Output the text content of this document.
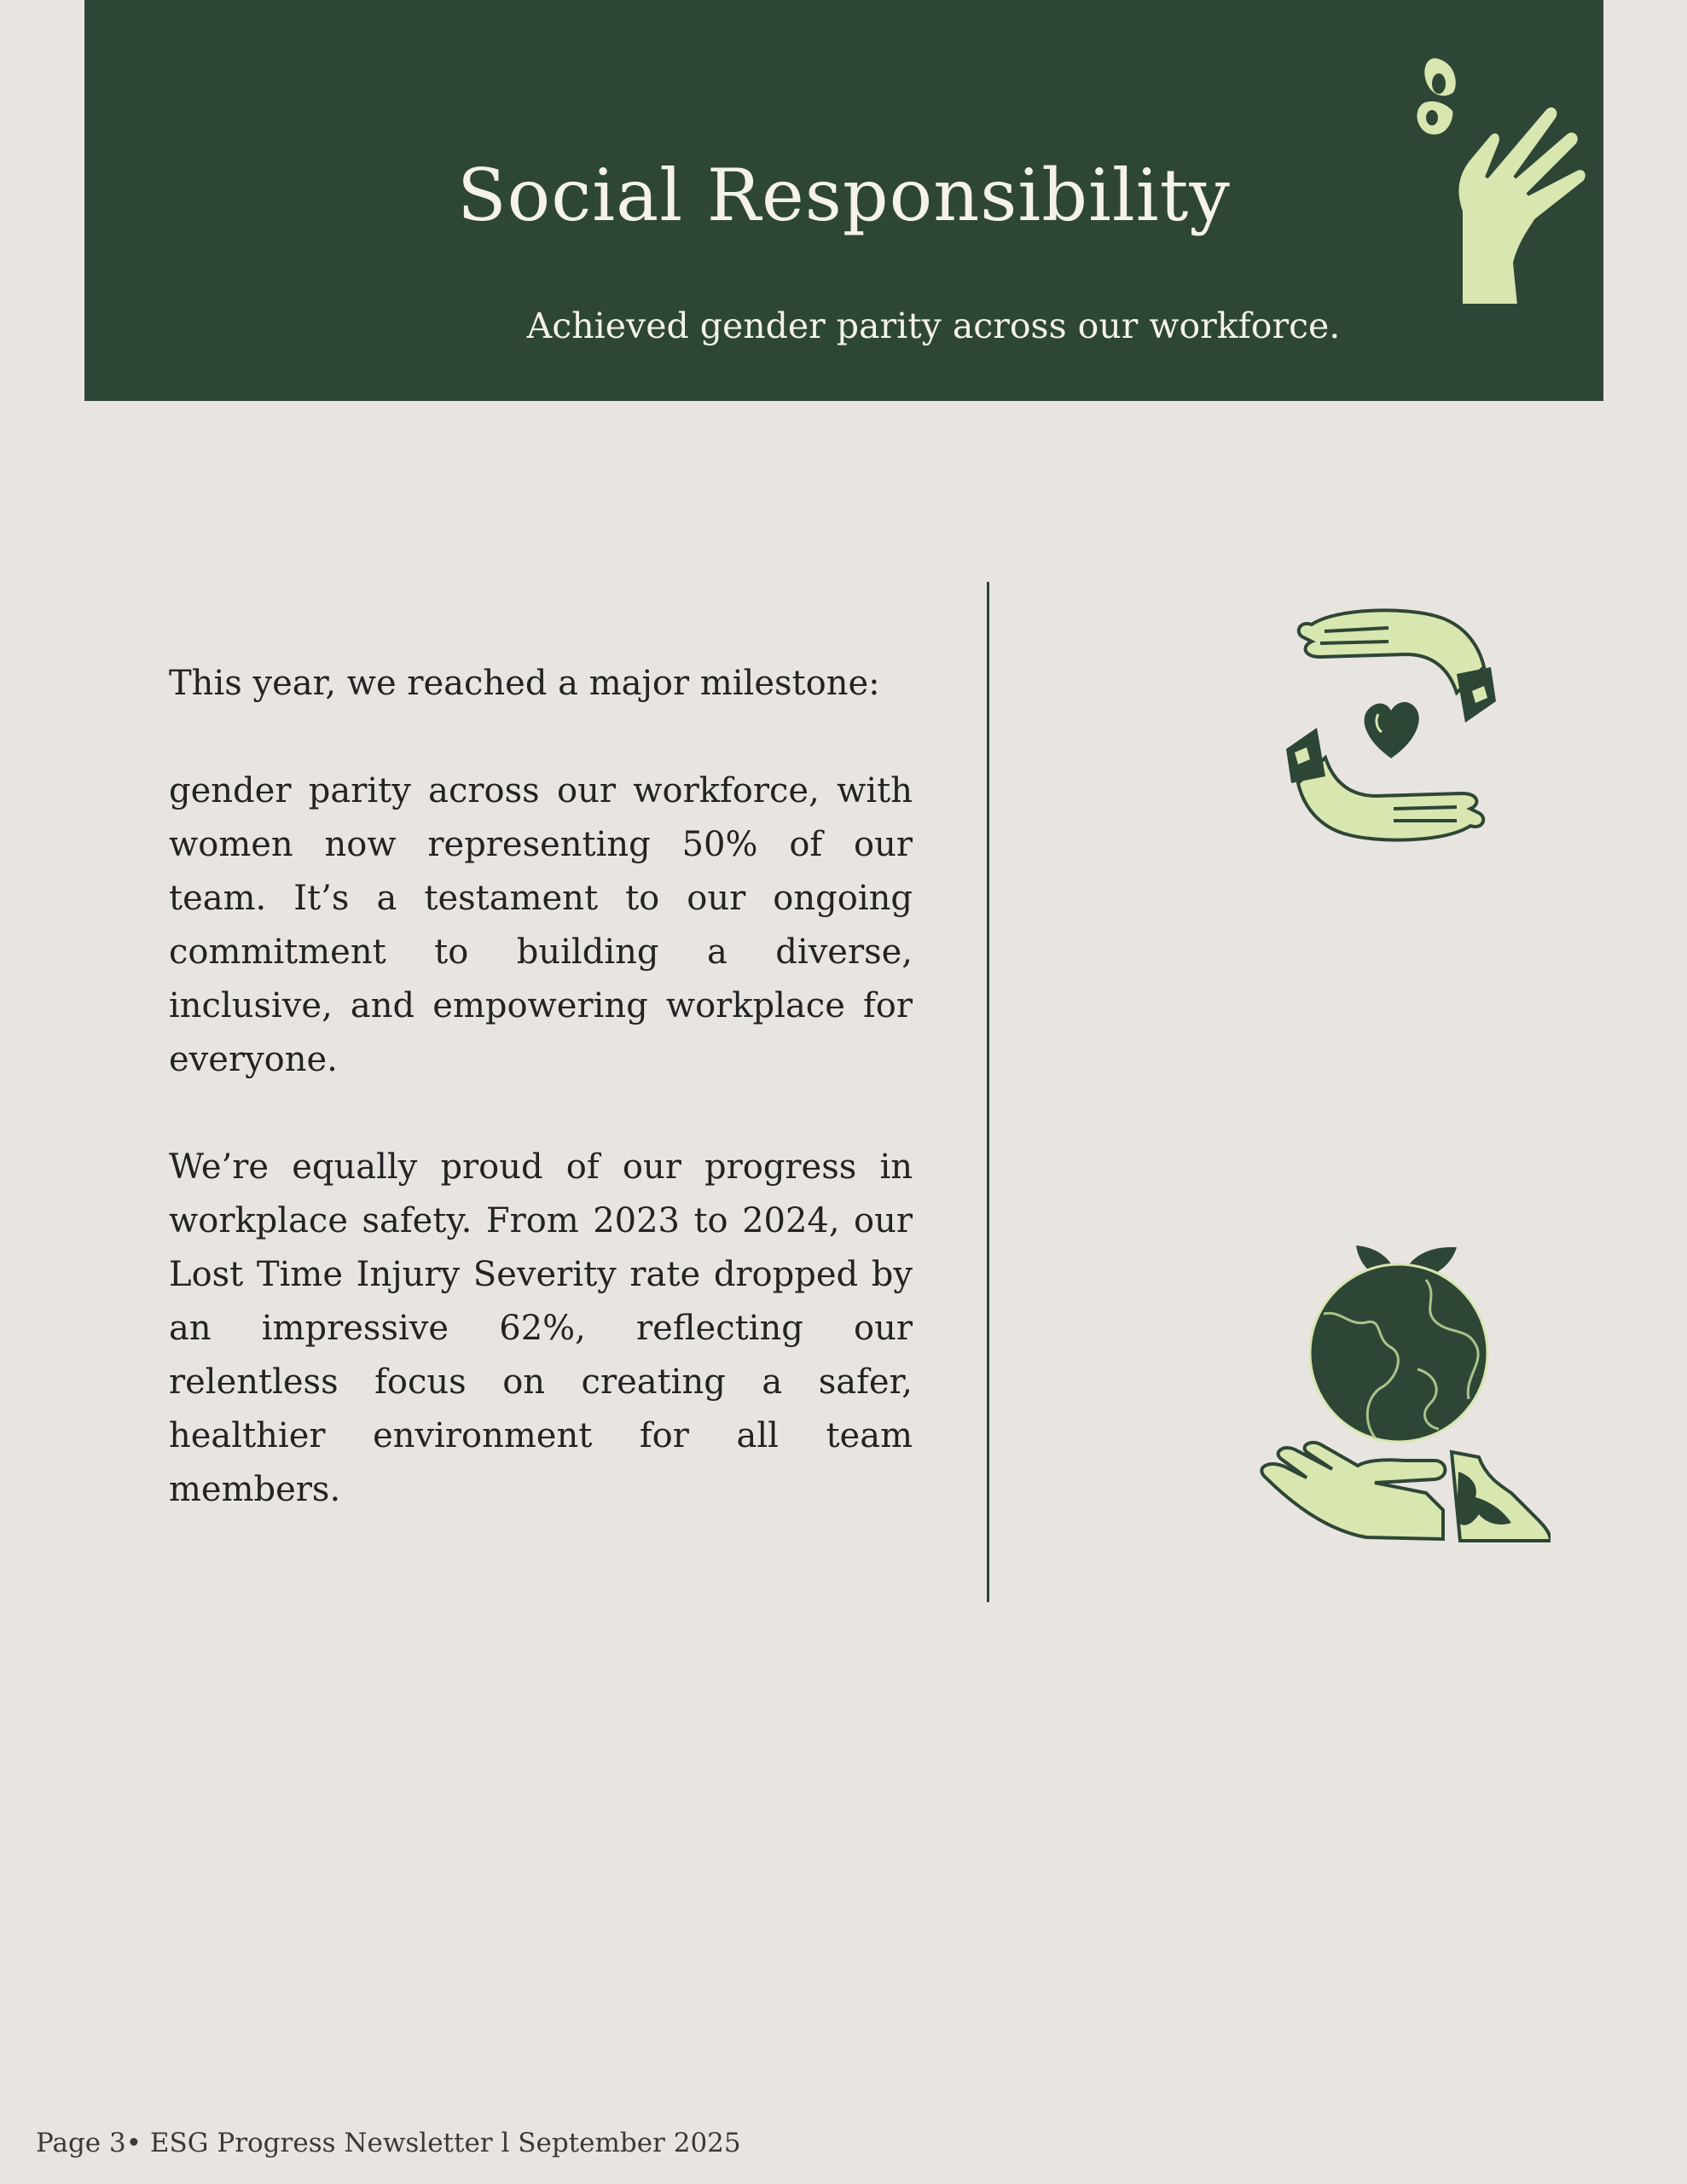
Social Responsibility
Achieved gender parity across our workforce.

This year, we reached a major milestone:

gender parity across our workforce, with women now representing 50% of our team. It’s a testament to our ongoing commitment to building a diverse, inclusive, and empowering workplace for everyone.

We’re equally proud of our progress in workplace safety. From 2023 to 2024, our Lost Time Injury Severity rate dropped by an impressive 62%, reflecting our relentless focus on creating a safer, healthier environment for all team members.

Page 3• ESG Progress Newsletter l September 2025
